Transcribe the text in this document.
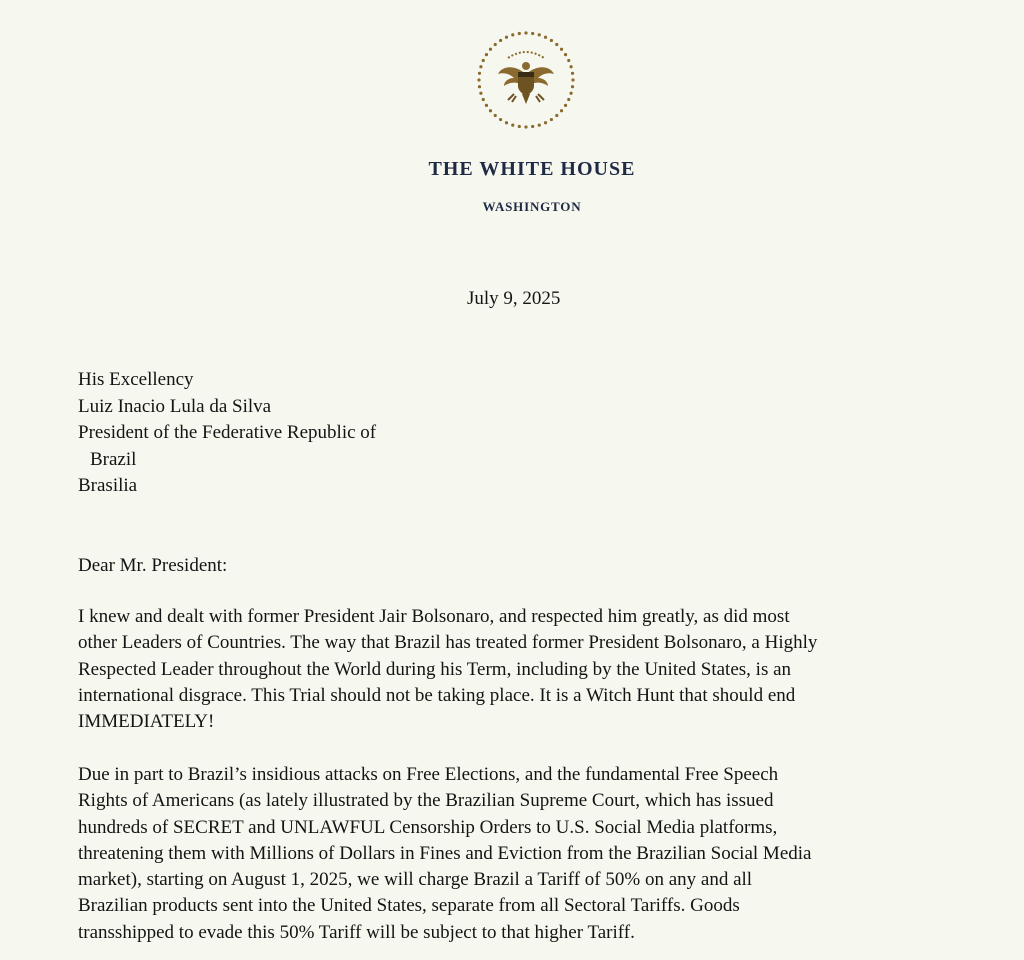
THE WHITE HOUSE
WASHINGTON
July 9, 2025
His Excellency
Luiz Inacio Lula da Silva
President of the Federative Republic of
Brazil
Brasilia
Dear Mr. President:
I knew and dealt with former President Jair Bolsonaro, and respected him greatly, as did most
other Leaders of Countries. The way that Brazil has treated former President Bolsonaro, a Highly
Respected Leader throughout the World during his Term, including by the United States, is an
international disgrace. This Trial should not be taking place. It is a Witch Hunt that should end
IMMEDIATELY!
Due in part to Brazil’s insidious attacks on Free Elections, and the fundamental Free Speech
Rights of Americans (as lately illustrated by the Brazilian Supreme Court, which has issued
hundreds of SECRET and UNLAWFUL Censorship Orders to U.S. Social Media platforms,
threatening them with Millions of Dollars in Fines and Eviction from the Brazilian Social Media
market), starting on August 1, 2025, we will charge Brazil a Tariff of 50% on any and all
Brazilian products sent into the United States, separate from all Sectoral Tariffs. Goods
transshipped to evade this 50% Tariff will be subject to that higher Tariff.
